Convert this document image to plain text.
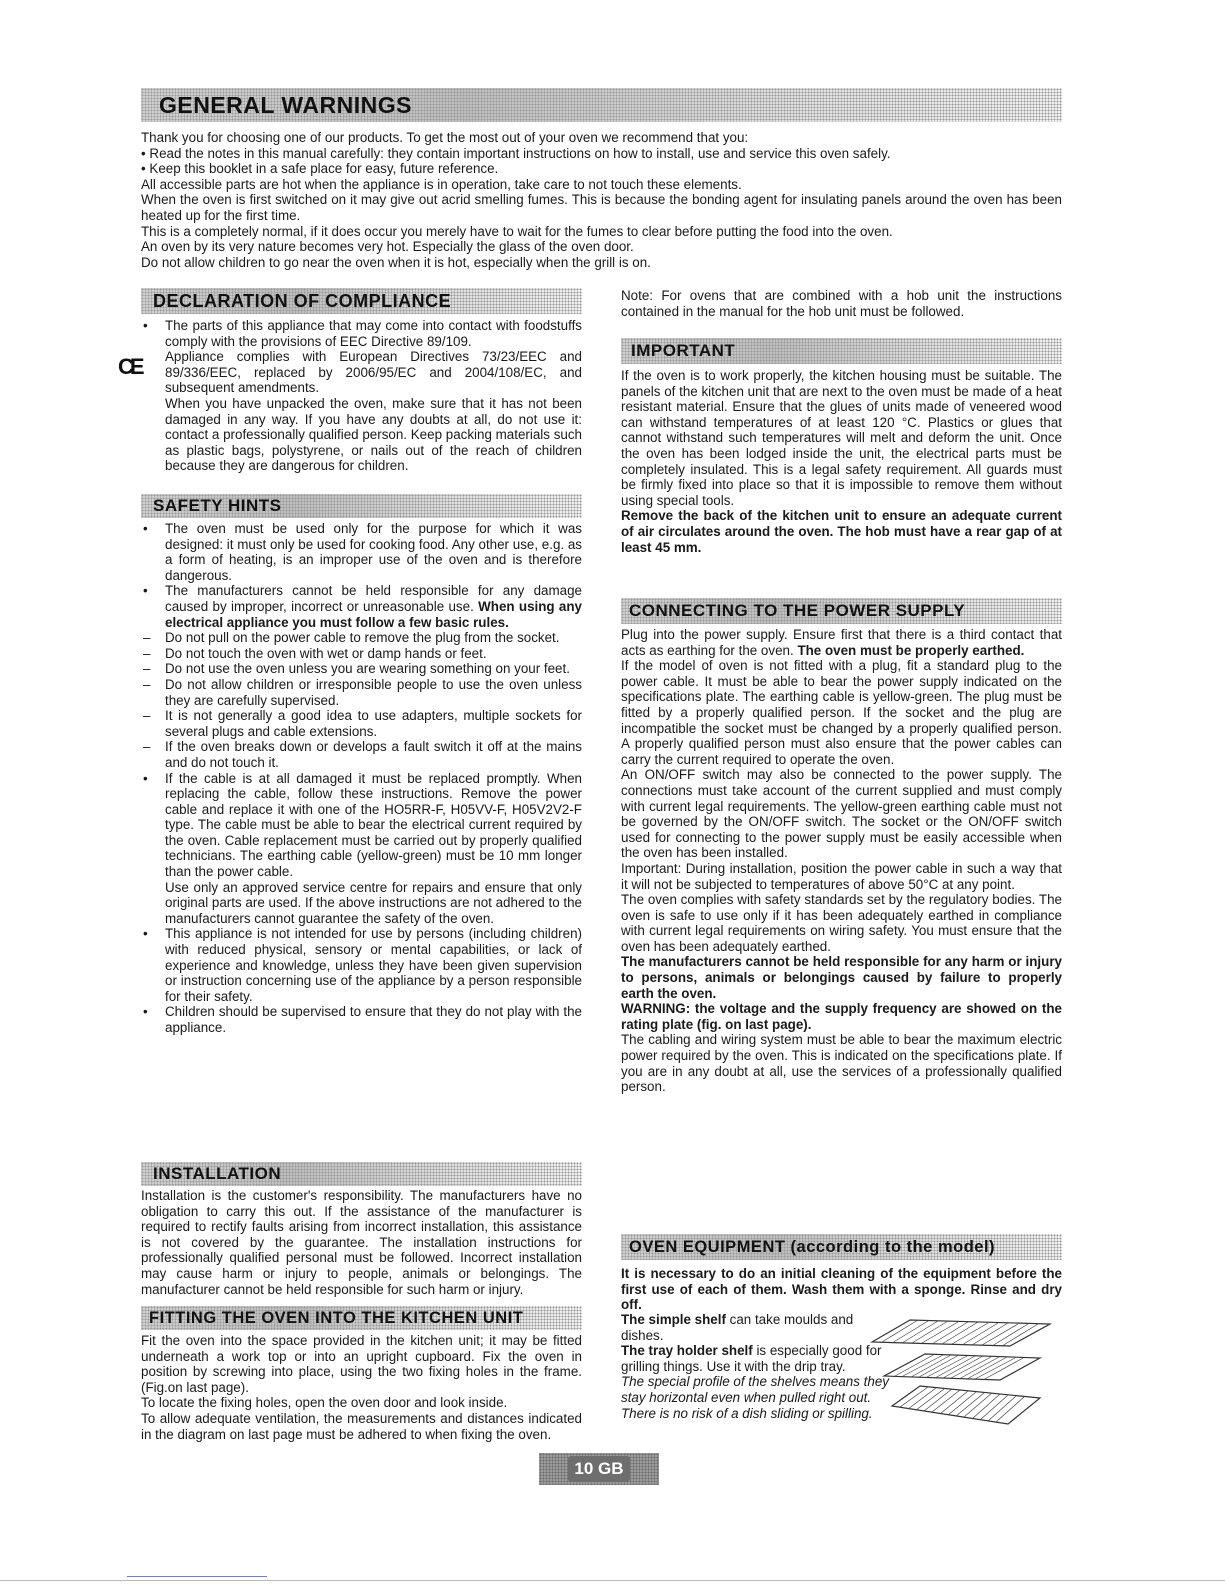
GENERAL WARNINGS

Thank you for choosing one of our products. To get the most out of your oven we recommend that you:

• Read the notes in this manual carefully: they contain important instructions on how to install, use and service this oven safely.

• Keep this booklet in a safe place for easy, future reference.

All accessible parts are hot when the appliance is in operation, take care to not touch these elements.

When the oven is first switched on it may give out acrid smelling fumes. This is because the bonding agent for insulating panels around the oven has been heated up for the first time.

This is a completely normal, if it does occur you merely have to wait for the fumes to clear before putting the food into the oven.

An oven by its very nature becomes very hot. Especially the glass of the oven door.

Do not allow children to go near the oven when it is hot, especially when the grill is on.

DECLARATION OF COMPLIANCE
CE
• The parts of this appliance that may come into contact with foodstuffs comply with the provisions of EEC Directive 89/109.

Appliance complies with European Directives 73/23/EEC and 89/336/EEC, replaced by 2006/95/EC and 2004/108/EC, and subsequent amendments.

When you have unpacked the oven, make sure that it has not been damaged in any way. If you have any doubts at all, do not use it: contact a professionally qualified person. Keep packing materials such as plastic bags, polystyrene, or nails out of the reach of children because they are dangerous for children.

SAFETY HINTS
• The oven must be used only for the purpose for which it was designed: it must only be used for cooking food. Any other use, e.g. as a form of heating, is an improper use of the oven and is therefore dangerous.

• The manufacturers cannot be held responsible for any damage caused by improper, incorrect or unreasonable use. When using any electrical appliance you must follow a few basic rules.

– Do not pull on the power cable to remove the plug from the socket.

– Do not touch the oven with wet or damp hands or feet.

– Do not use the oven unless you are wearing something on your feet.

– Do not allow children or irresponsible people to use the oven unless they are carefully supervised.

– It is not generally a good idea to use adapters, multiple sockets for several plugs and cable extensions.

– If the oven breaks down or develops a fault switch it off at the mains and do not touch it.

• If the cable is at all damaged it must be replaced promptly. When replacing the cable, follow these instructions. Remove the power cable and replace it with one of the HO5RR-F, H05VV-F, H05V2V2-F type. The cable must be able to bear the electrical current required by the oven. Cable replacement must be carried out by properly qualified technicians. The earthing cable (yellow-green) must be 10 mm longer than the power cable.

Use only an approved service centre for repairs and ensure that only original parts are used. If the above instructions are not adhered to the manufacturers cannot guarantee the safety of the oven.

• This appliance is not intended for use by persons (including children) with reduced physical, sensory or mental capabilities, or lack of experience and knowledge, unless they have been given supervision or instruction concerning use of the appliance by a person responsible for their safety.

• Children should be supervised to ensure that they do not play with the appliance.

INSTALLATION

Installation is the customer's responsibility. The manufacturers have no obligation to carry this out. If the assistance of the manufacturer is required to rectify faults arising from incorrect installation, this assistance is not covered by the guarantee. The installation instructions for professionally qualified personal must be followed. Incorrect installation may cause harm or injury to people, animals or belongings. The manufacturer cannot be held responsible for such harm or injury.

FITTING THE OVEN INTO THE KITCHEN UNIT

Fit the oven into the space provided in the kitchen unit; it may be fitted underneath a work top or into an upright cupboard. Fix the oven in position by screwing into place, using the two fixing holes in the frame.(Fig.on last page).

To locate the fixing holes, open the oven door and look inside.

To allow adequate ventilation, the measurements and distances indicated in the diagram on last page must be adhered to when fixing the oven.

Note: For ovens that are combined with a hob unit the instructions contained in the manual for the hob unit must be followed.

IMPORTANT

If the oven is to work properly, the kitchen housing must be suitable. The panels of the kitchen unit that are next to the oven must be made of a heat resistant material. Ensure that the glues of units made of veneered wood can withstand temperatures of at least 120 °C. Plastics or glues that cannot withstand such temperatures will melt and deform the unit. Once the oven has been lodged inside the unit, the electrical parts must be completely insulated. This is a legal safety requirement. All guards must be firmly fixed into place so that it is impossible to remove them without using special tools.

Remove the back of the kitchen unit to ensure an adequate current of air circulates around the oven. The hob must have a rear gap of at least 45 mm.

CONNECTING TO THE POWER SUPPLY

Plug into the power supply. Ensure first that there is a third contact that acts as earthing for the oven. The oven must be properly earthed.

If the model of oven is not fitted with a plug, fit a standard plug to the power cable. It must be able to bear the power supply indicated on the specifications plate. The earthing cable is yellow-green. The plug must be fitted by a properly qualified person. If the socket and the plug are incompatible the socket must be changed by a properly qualified person. A properly qualified person must also ensure that the power cables can carry the current required to operate the oven.

An ON/OFF switch may also be connected to the power supply. The connections must take account of the current supplied and must comply with current legal requirements. The yellow-green earthing cable must not be governed by the ON/OFF switch. The socket or the ON/OFF switch used for connecting to the power supply must be easily accessible when the oven has been installed.

Important: During installation, position the power cable in such a way that it will not be subjected to temperatures of above 50°C at any point.

The oven complies with safety standards set by the regulatory bodies. The oven is safe to use only if it has been adequately earthed in compliance with current legal requirements on wiring safety. You must ensure that the oven has been adequately earthed.

The manufacturers cannot be held responsible for any harm or injury to persons, animals or belongings caused by failure to properly earth the oven.

WARNING: the voltage and the supply frequency are showed on the rating plate (fig. on last page).

The cabling and wiring system must be able to bear the maximum electric power required by the oven. This is indicated on the specifications plate. If you are in any doubt at all, use the services of a professionally qualified person.

OVEN EQUIPMENT (according to the model)

It is necessary to do an initial cleaning of the equipment before the first use of each of them. Wash them with a sponge. Rinse and dry off.

The simple shelf can take moulds and dishes.

The tray holder shelf is especially good for grilling things. Use it with the drip tray.

The special profile of the shelves means they stay horizontal even when pulled right out. There is no risk of a dish sliding or spilling.

10 GB
